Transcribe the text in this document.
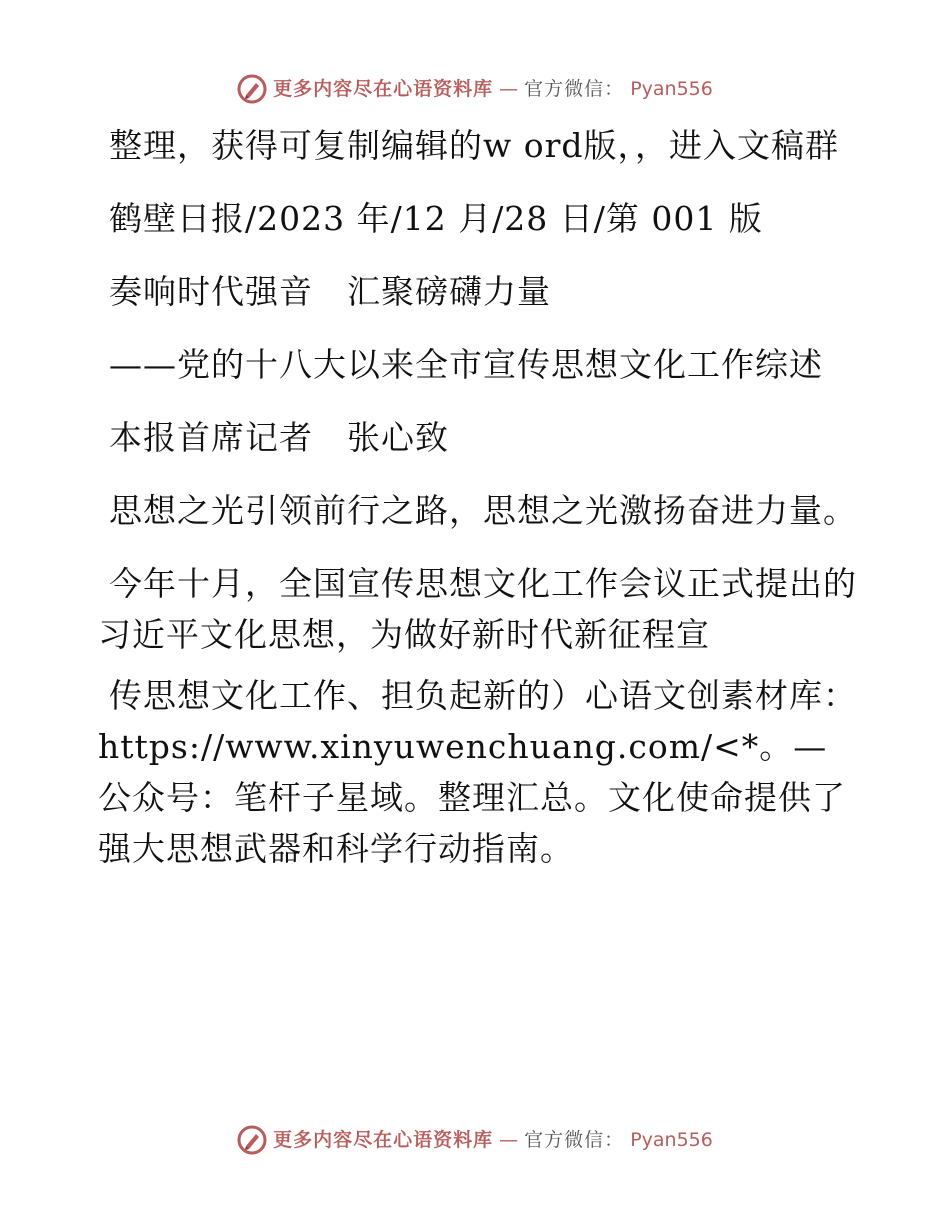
更多内容尽在心语资料库 — 官方微信： Pyan556

整理，获得可复制编辑的w ord版，，进入文稿群

鹤壁日报/2023 年/12 月/28 日/第 001 版

奏响时代强音　汇聚磅礴力量

——党的十八大以来全市宣传思想文化工作综述

本报首席记者　张心致

思想之光引领前行之路，思想之光激扬奋进力量。

今年十月，全国宣传思想文化工作会议正式提出的习近平文化思想，为做好新时代新征程宣

传思想文化工作、担负起新的）心语文创素材库：https://www.xinyuwenchuang.com/<*。—公众号：笔杆子星域。整理汇总。文化使命提供了强大思想武器和科学行动指南。

更多内容尽在心语资料库 — 官方微信： Pyan556
